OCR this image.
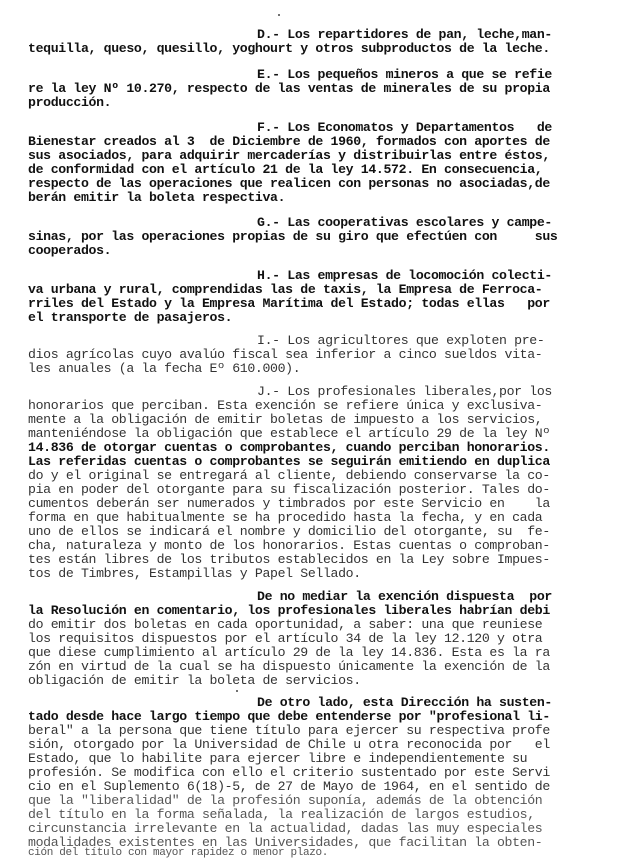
D.- Los repartidores de pan, leche,man-
tequilla, queso, quesillo, yoghourt y otros subproductos de la leche.
E.- Los pequeños mineros a que se refie
re la ley Nº 10.270, respecto de las ventas de minerales de su propia
producción.
F.- Los Economatos y Departamentos   de
Bienestar creados al 3  de Diciembre de 1960, formados con aportes de
sus asociados, para adquirir mercaderías y distribuirlas entre éstos,
de conformidad con el artículo 21 de la ley 14.572. En consecuencia,
respecto de las operaciones que realicen con personas no asociadas,de
berán emitir la boleta respectiva.
G.- Las cooperativas escolares y campe-
sinas, por las operaciones propias de su giro que efectúen con     sus
cooperados.
H.- Las empresas de locomoción colecti-
va urbana y rural, comprendidas las de taxis, la Empresa de Ferroca-
rriles del Estado y la Empresa Marítima del Estado; todas ellas   por
el transporte de pasajeros.
I.- Los agricultores que exploten pre-
dios agrícolas cuyo avalúo fiscal sea inferior a cinco sueldos vita-
les anuales (a la fecha Eº 610.000).
J.- Los profesionales liberales,por los
honorarios que perciban. Esta exención se refiere única y exclusiva-
mente a la obligación de emitir boletas de impuesto a los servicios,
manteniéndose la obligación que establece el artículo 29 de la ley Nº
14.836 de otorgar cuentas o comprobantes, cuando perciban honorarios.
Las referidas cuentas o comprobantes se seguirán emitiendo en duplica
do y el original se entregará al cliente, debiendo conservarse la co-
pia en poder del otorgante para su fiscalización posterior. Tales do-
cumentos deberán ser numerados y timbrados por este Servicio en    la
forma en que habitualmente se ha procedido hasta la fecha, y en cada
uno de ellos se indicará el nombre y domicilio del otorgante, su  fe-
cha, naturaleza y monto de los honorarios. Estas cuentas o comproban-
tes están libres de los tributos establecidos en la Ley sobre Impues-
tos de Timbres, Estampillas y Papel Sellado.
De no mediar la exención dispuesta  por
la Resolución en comentario, los profesionales liberales habrían debi
do emitir dos boletas en cada oportunidad, a saber: una que reuniese
los requisitos dispuestos por el artículo 34 de la ley 12.120 y otra
que diese cumplimiento al artículo 29 de la ley 14.836. Esta es la ra
zón en virtud de la cual se ha dispuesto únicamente la exención de la
obligación de emitir la boleta de servicios.
De otro lado, esta Dirección ha susten-
tado desde hace largo tiempo que debe entenderse por "profesional li-
beral" a la persona que tiene título para ejercer su respectiva profe
sión, otorgado por la Universidad de Chile u otra reconocida por   el
Estado, que lo habilite para ejercer libre e independientemente su
profesión. Se modifica con ello el criterio sustentado por este Servi
cio en el Suplemento 6(18)-5, de 27 de Mayo de 1964, en el sentido de
que la "liberalidad" de la profesión suponía, además de la obtención
del título en la forma señalada, la realización de largos estudios,
circunstancia irrelevante en la actualidad, dadas las muy especiales
modalidades existentes en las Universidades, que facilitan la obten-
ción del título con mayor rapidez o menor plazo.
